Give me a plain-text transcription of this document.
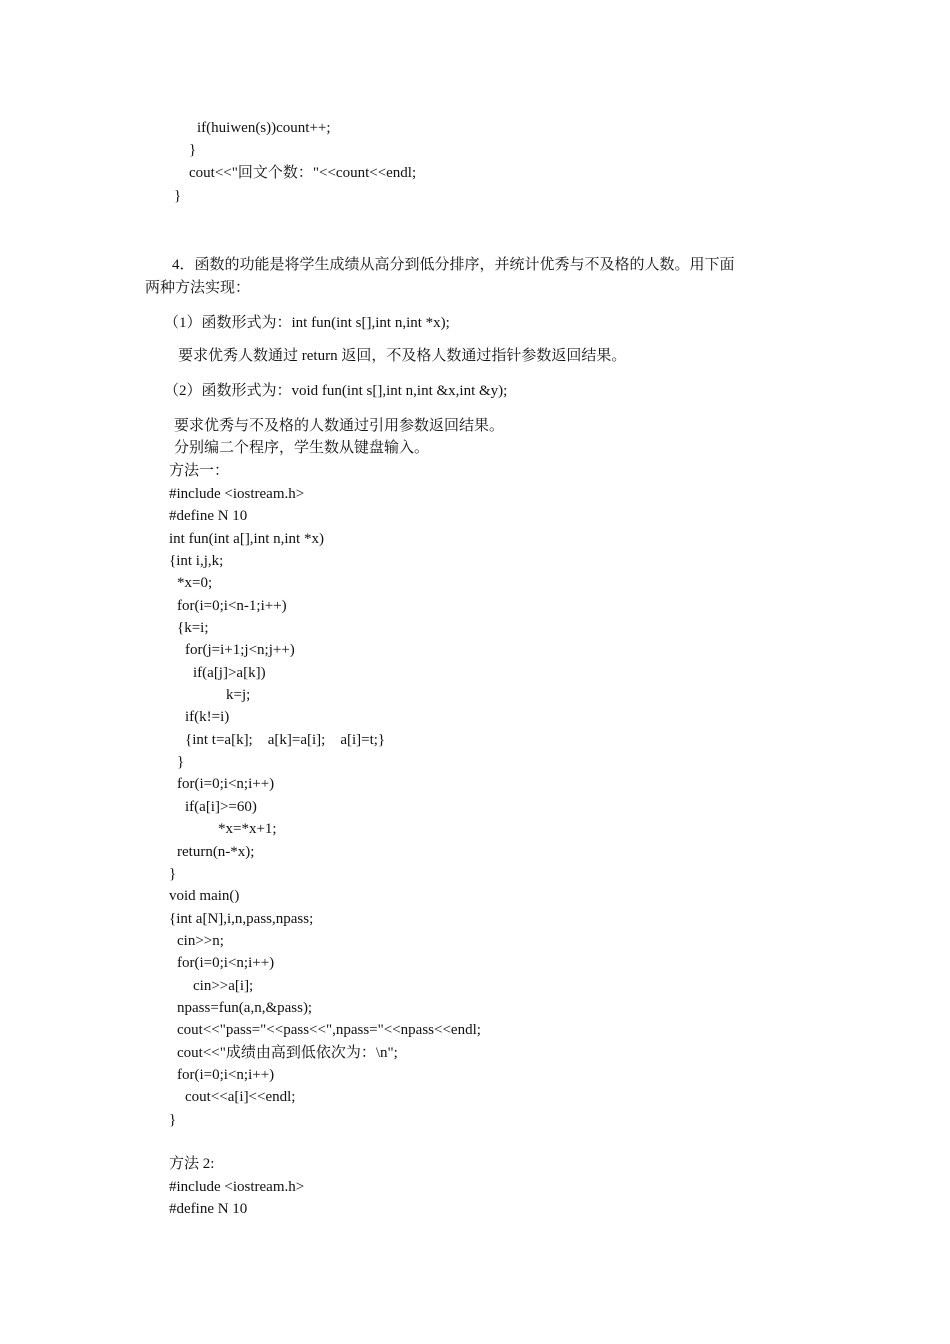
if(huiwen(s))count++;
}
cout<<"回文个数："<<count<<endl;
}
4．函数的功能是将学生成绩从高分到低分排序，并统计优秀与不及格的人数。用下面
两种方法实现：
（1）函数形式为：int fun(int s[],int n,int *x);
要求优秀人数通过 return 返回，不及格人数通过指针参数返回结果。
（2）函数形式为：void fun(int s[],int n,int &x,int &y);
要求优秀与不及格的人数通过引用参数返回结果。
分别编二个程序，学生数从键盘输入。
方法一：
#include <iostream.h>
#define N 10
int fun(int a[],int n,int *x)
{int i,j,k;
*x=0;
for(i=0;i<n-1;i++)
{k=i;
for(j=i+1;j<n;j++)
if(a[j]>a[k])
k=j;
if(k!=i)
{int t=a[k];    a[k]=a[i];    a[i]=t;}
}
for(i=0;i<n;i++)
if(a[i]>=60)
*x=*x+1;
return(n-*x);
}
void main()
{int a[N],i,n,pass,npass;
cin>>n;
for(i=0;i<n;i++)
cin>>a[i];
npass=fun(a,n,&pass);
cout<<"pass="<<pass<<",npass="<<npass<<endl;
cout<<"成绩由高到低依次为：\n";
for(i=0;i<n;i++)
cout<<a[i]<<endl;
}
方法 2:
#include <iostream.h>
#define N 10
